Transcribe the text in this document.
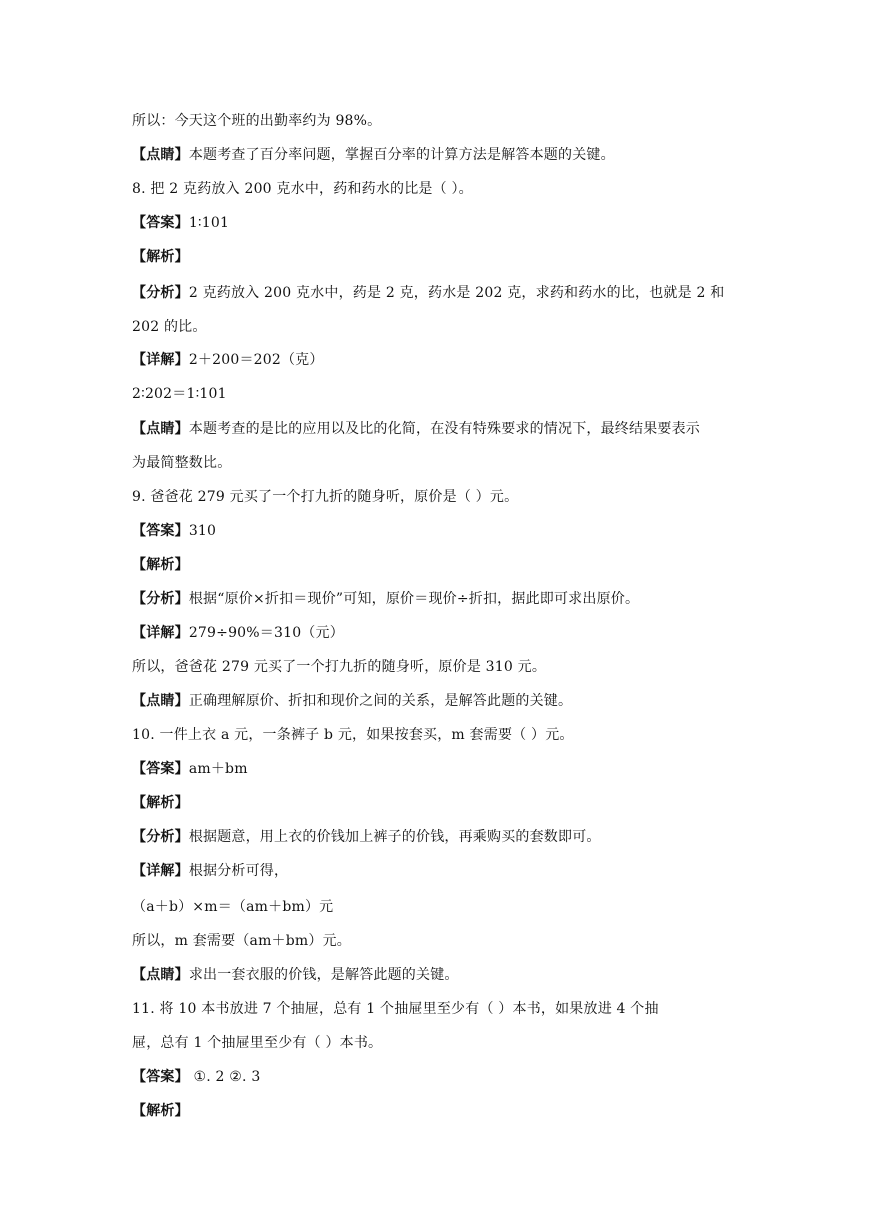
所以：今天这个班的出勤率约为 98%。
【点睛】本题考查了百分率问题，掌握百分率的计算方法是解答本题的关键。
8. 把 2 克药放入 200 克水中，药和药水的比是（ ）。
【答案】1∶101
【解析】
【分析】2 克药放入 200 克水中，药是 2 克，药水是 202 克，求药和药水的比，也就是 2 和
202 的比。
【详解】2＋200＝202（克）
2∶202＝1∶101
【点睛】本题考查的是比的应用以及比的化简，在没有特殊要求的情况下，最终结果要表示
为最简整数比。
9. 爸爸花 279 元买了一个打九折的随身听，原价是（ ）元。
【答案】310
【解析】
【分析】根据“原价×折扣＝现价”可知，原价＝现价÷折扣，据此即可求出原价。
【详解】279÷90%＝310（元）
所以，爸爸花 279 元买了一个打九折的随身听，原价是 310 元。
【点睛】正确理解原价、折扣和现价之间的关系，是解答此题的关键。
10. 一件上衣 a 元，一条裤子 b 元，如果按套买，m 套需要（ ）元。
【答案】am＋bm
【解析】
【分析】根据题意，用上衣的价钱加上裤子的价钱，再乘购买的套数即可。
【详解】根据分析可得，
（a＋b）×m＝（am＋bm）元
所以，m 套需要（am＋bm）元。
【点睛】求出一套衣服的价钱，是解答此题的关键。
11. 将 10 本书放进 7 个抽屉，总有 1 个抽屉里至少有（ ）本书，如果放进 4 个抽
屉，总有 1 个抽屉里至少有（ ）本书。
【答案】 ①. 2 ②. 3
【解析】
